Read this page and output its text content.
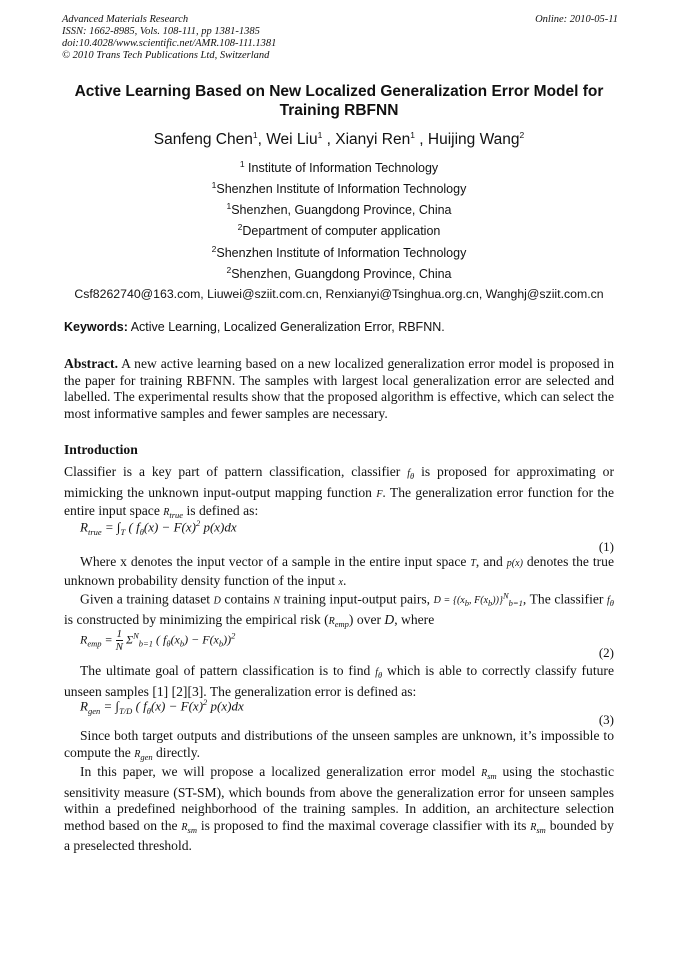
Advanced Materials Research
ISSN: 1662-8985, Vols. 108-111, pp 1381-1385
doi:10.4028/www.scientific.net/AMR.108-111.1381
© 2010 Trans Tech Publications Ltd, Switzerland
Online: 2010-05-11
Active Learning Based on New Localized Generalization Error Model for
Training RBFNN
Sanfeng Chen$^1$, Wei Liu$^1$ , Xianyi Ren$^1$ , Huijing Wang$^2$
$^1$ Institute of Information Technology
$^1$Shenzhen Institute of Information Technology
$^1$Shenzhen, Guangdong Province, China
$^2$Department of computer application
$^2$Shenzhen Institute of Information Technology
$^2$Shenzhen, Guangdong Province, China
Csf8262740@163.com, Liuwei@sziit.com.cn, Renxianyi@Tsinghua.org.cn, Wanghj@sziit.com.cn
Keywords: Active Learning, Localized Generalization Error, RBFNN.
Abstract. A new active learning based on a new localized generalization error model is proposed in the paper for training RBFNN. The samples with largest local generalization error are selected and labelled. The experimental results show that the proposed algorithm is effective, which can select the most informative samples and fewer samples are necessary.
Introduction
Classifier is a key part of pattern classification, classifier $f_\theta$ is proposed for approximating or mimicking the unknown input-output mapping function F. The generalization error function for the entire input space $R_{true}$ is defined as:
$R_{true} = \int_T$ ( $f_\theta(x) - F(x)^2$ p(x)dx
(1)
Where x denotes the input vector of a sample in the entire input space T, and p(x) denotes the true unknown probability density function of the input x.
Given a training dataset D contains N training input-output pairs, $D = \{(x_b$, $F(x_b))\}^N_{b=1}$, The classifier $f_\theta$ is constructed by minimizing the empirical risk $(R_{emp})$ over D, where
$R_{emp} = \frac{1}{N} \Sigma^N_{b=1}$ ( $f_\theta(x_b) - F(x_b))^2$
(2)
The ultimate goal of pattern classification is to find $f_\theta$ which is able to correctly classify future unseen samples [1] [2][3]. The generalization error is defined as:
$R_{gen} = \int_{T/D}$ ( $f_\theta(x) - F(x)^2$ p(x)dx
(3)
Since both target outputs and distributions of the unseen samples are unknown, it’s impossible to compute the $R_{gen}$ directly.
In this paper, we will propose a localized generalization error model $R_{sm}$ using the stochastic sensitivity measure (ST-SM), which bounds from above the generalization error for unseen samples within a predefined neighborhood of the training samples. In addition, an architecture selection method based on the $R_{sm}$ is proposed to find the maximal coverage classifier with its $R_{sm}$ bounded by a preselected threshold.
